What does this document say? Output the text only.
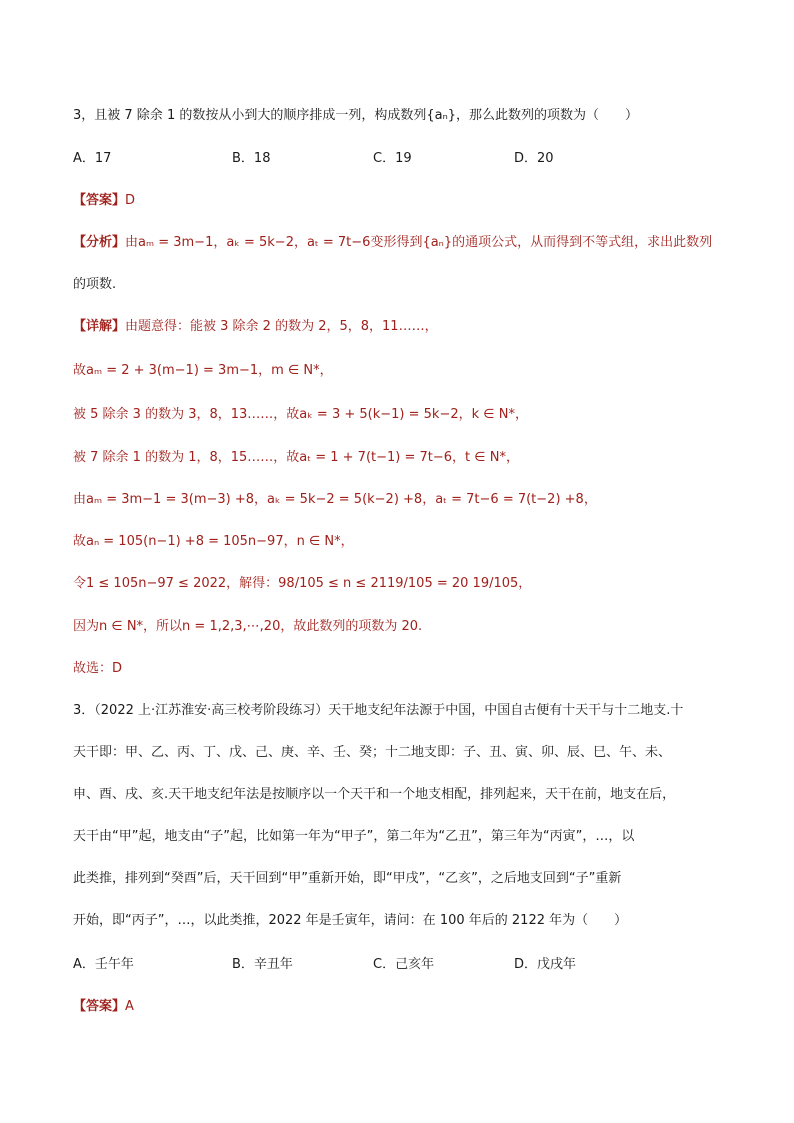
3，且被 7 除余 1 的数按从小到大的顺序排成一列，构成数列{aₙ}，那么此数列的项数为（　　）
A．17	B．18	C．19	D．20
【答案】D
【分析】由aₘ = 3m−1，aₖ = 5k−2，aₜ = 7t−6变形得到{aₙ}的通项公式，从而得到不等式组，求出此数列
的项数.
【详解】由题意得：能被 3 除余 2 的数为 2，5，8，11……，
故aₘ = 2 + 3(m−1) = 3m−1，m ∈ N*，
被 5 除余 3 的数为 3，8，13……，故aₖ = 3 + 5(k−1) = 5k−2，k ∈ N*，
被 7 除余 1 的数为 1，8，15……，故aₜ = 1 + 7(t−1) = 7t−6，t ∈ N*，
由aₘ = 3m−1 = 3(m−3) +8，aₖ = 5k−2 = 5(k−2) +8，aₜ = 7t−6 = 7(t−2) +8，
故aₙ = 105(n−1) +8 = 105n−97，n ∈ N*，
令1 ≤ 105n−97 ≤ 2022，解得：98/105 ≤ n ≤ 2119/105 = 20 19/105，
因为n ∈ N*，所以n = 1,2,3,⋯,20，故此数列的项数为 20.
故选：D
3．（2022 上·江苏淮安·高三校考阶段练习）天干地支纪年法源于中国，中国自古便有十天干与十二地支.十
天干即：甲、乙、丙、丁、戊、己、庚、辛、壬、癸；十二地支即：子、丑、寅、卯、辰、巳、午、未、
申、酉、戌、亥.天干地支纪年法是按顺序以一个天干和一个地支相配，排列起来，天干在前，地支在后，
天干由“甲”起，地支由“子”起，比如第一年为“甲子”，第二年为“乙丑”，第三年为“丙寅”，…，以
此类推，排列到“癸酉”后，天干回到“甲”重新开始，即“甲戌”，“乙亥”，之后地支回到“子”重新
开始，即“丙子”，…，以此类推，2022 年是壬寅年，请问：在 100 年后的 2122 年为（　　）
A．壬午年	B．辛丑年	C．己亥年	D．戊戌年
【答案】A
